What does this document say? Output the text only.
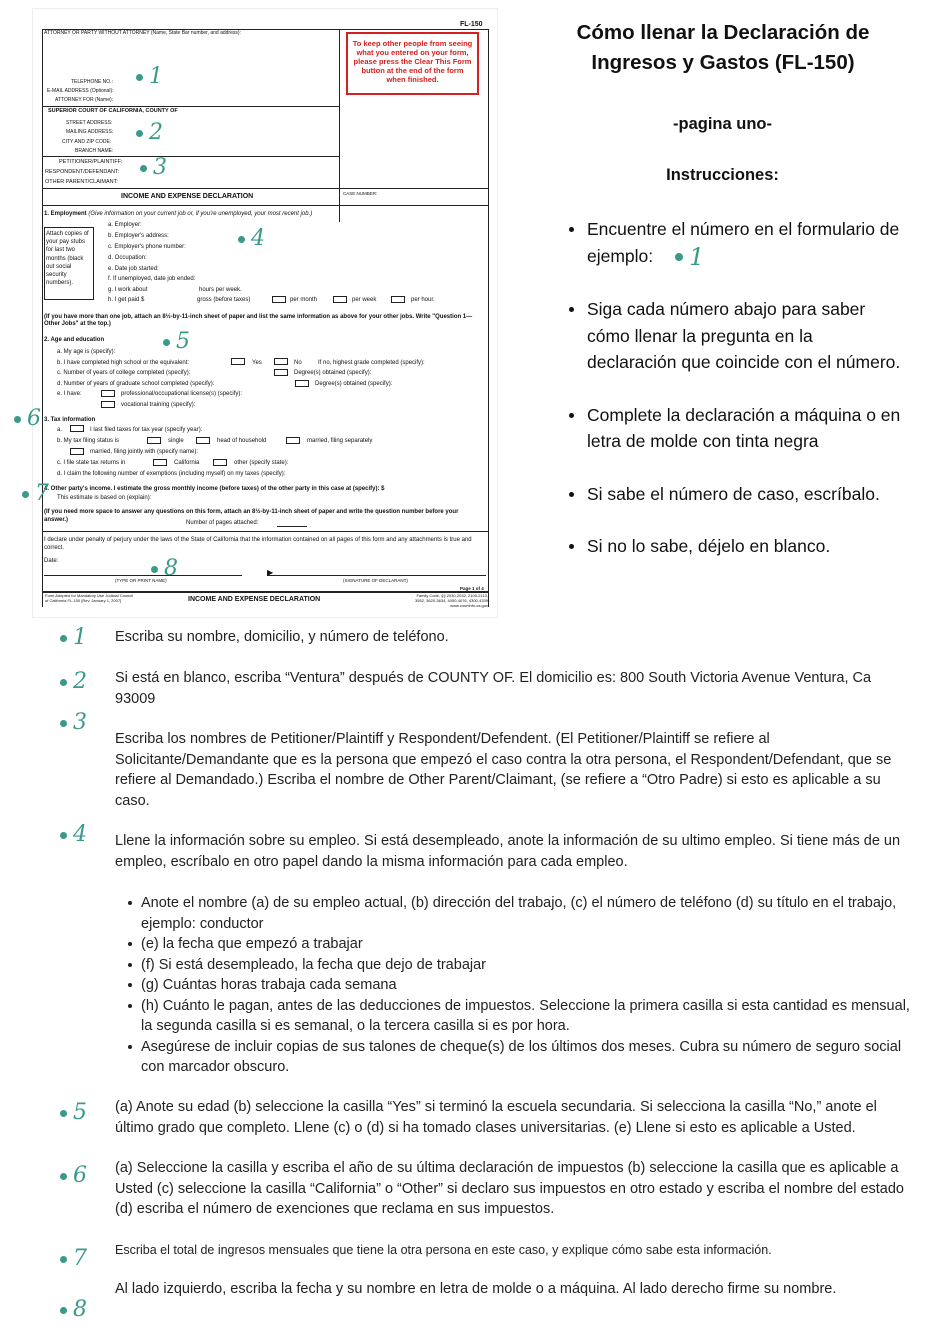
FL-150
ATTORNEY OR PARTY WITHOUT ATTORNEY (Name, State Bar number, and address):
To keep other people from seeing what you entered on your form, please press the Clear This Form button at the end of the form when finished.
TELEPHONE NO.:
E-MAIL ADDRESS (Optional):
ATTORNEY FOR (Name):
SUPERIOR COURT OF CALIFORNIA, COUNTY OF
STREET ADDRESS:
MAILING ADDRESS:
CITY AND ZIP CODE:
BRANCH NAME:
PETITIONER/PLAINTIFF:
RESPONDENT/DEFENDANT:
OTHER PARENT/CLAIMANT:
INCOME AND EXPENSE DECLARATION	CASE NUMBER:
1. Employment (Give information on your current job or, if you're unemployed, your most recent job.)
Attach copies of your pay stubs for last two months (black out social security numbers).
a. Employer:
b. Employer's address:
c. Employer's phone number:
d. Occupation:
e. Date job started:
f. If unemployed, date job ended:
g. I work about	hours per week.
h. I get paid $	gross (before taxes)	per month	per week	per hour.
(If you have more than one job, attach an 8½-by-11-inch sheet of paper and list the same information as above for your other jobs. Write "Question 1—Other Jobs" at the top.)
2. Age and education
a. My age is (specify):
b. I have completed high school or the equivalent:	Yes	No	If no, highest grade completed (specify):
c. Number of years of college completed (specify):	Degree(s) obtained (specify):
d. Number of years of graduate school completed (specify):	Degree(s) obtained (specify):
e. I have:	professional/occupational license(s) (specify):
vocational training (specify):
3. Tax information
a.	I last filed taxes for tax year (specify year):
b. My tax filing status is	single	head of household	married, filing separately
married, filing jointly with (specify name):
c. I file state tax returns in	California	other (specify state):
d. I claim the following number of exemptions (including myself) on my taxes (specify):
4. Other party's income. I estimate the gross monthly income (before taxes) of the other party in this case at (specify): $
This estimate is based on (explain):
(If you need more space to answer any questions on this form, attach an 8½-by-11-inch sheet of paper and write the question number before your answer.)
Number of pages attached:
I declare under penalty of perjury under the laws of the State of California that the information contained on all pages of this form and any attachments is true and correct.
Date:
▶
(TYPE OR PRINT NAME)	(SIGNATURE OF DECLARANT)
Page 1 of 4
Form Adopted for Mandatory Use Judicial Council of California FL-150 [Rev. January 1, 2007]	INCOME AND EXPENSE DECLARATION
Family Code, §§ 2030-2032, 2100-2113, 3552, 3620-3634, 4050-4076, 4300-4339 www.courtinfo.ca.gov
1
2
3
4
5
6
7
8
Cómo llenar la Declaración de Ingresos y Gastos (FL-150)
-pagina uno-
Instrucciones:
Encuentre el número en el formulario de ejemplo: 1
Siga cada número abajo para saber cómo llenar la pregunta en la declaración que coincide con el número.
Complete la declaración a máquina o en letra de molde con tinta negra
Si sabe el número de caso, escríbalo.
Si no lo sabe, déjelo en blanco.
1
2
3
4
5
6
7
8
Escriba su nombre, domicilio, y número de teléfono.
Si está en blanco, escriba “Ventura” después de COUNTY OF. El domicilio es: 800 South Victoria Avenue Ventura, Ca 93009
Escriba los nombres de Petitioner/Plaintiff y Respondent/Defendent. (El Petitioner/Plaintiff se refiere al Solicitante/Demandante que es la persona que empezó el caso contra la otra persona, el Respondent/Defendant, que se refiere al Demandado.) Escriba el nombre de Other Parent/Claimant, (se refiere a “Otro Padre) si esto es aplicable a su caso.
Llene la información sobre su empleo. Si está desempleado, anote la información de su ultimo empleo. Si tiene más de un empleo, escríbalo en otro papel dando la misma información para cada empleo.
Anote el nombre (a) de su empleo actual, (b) dirección del trabajo, (c) el número de teléfono (d) su título en el trabajo, ejemplo: conductor
(e) la fecha que empezó a trabajar
(f) Si está desempleado, la fecha que dejo de trabajar
(g) Cuántas horas trabaja cada semana
(h) Cuánto le pagan, antes de las deducciones de impuestos. Seleccione la primera casilla si esta cantidad es mensual, la segunda casilla si es semanal, o la tercera casilla si es por hora.
Asegúrese de incluir copias de sus talones de cheque(s) de los últimos dos meses. Cubra su número de seguro social con marcador obscuro.
(a) Anote su edad (b) seleccione la casilla “Yes” si terminó la escuela secundaria. Si selecciona la casilla “No,” anote el último grado que completo. Llene (c) o (d) si ha tomado clases universitarias. (e) Llene si esto es aplicable a Usted.
(a) Seleccione la casilla y escriba el año de su última declaración de impuestos (b) seleccione la casilla que es aplicable a Usted (c) seleccione la casilla “California” o “Other” si declaro sus impuestos en otro estado y escriba el nombre del estado (d) escriba el número de exenciones que reclama en sus impuestos.
Escriba el total de ingresos mensuales que tiene la otra persona en este caso, y explique cómo sabe esta información.
Al lado izquierdo, escriba la fecha y su nombre en letra de molde o a máquina. Al lado derecho firme su nombre.
